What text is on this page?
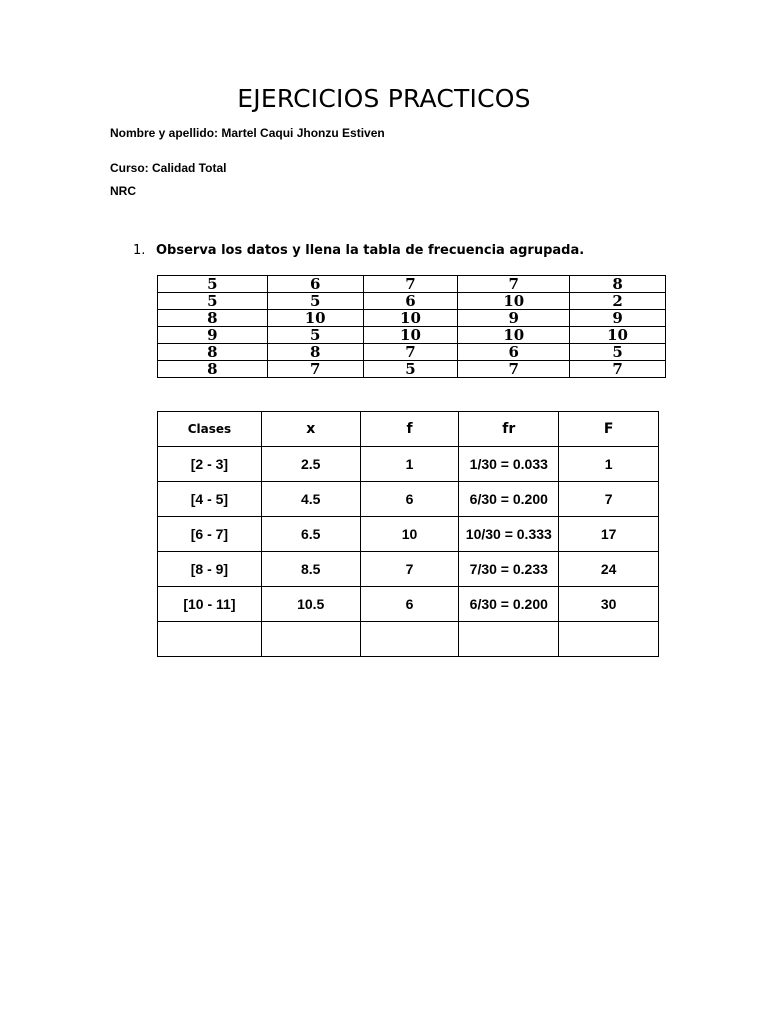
EJERCICIOS PRACTICOS
Nombre y apellido: Martel Caqui Jhonzu Estiven
Curso: Calidad Total
NRC
1. Observa los datos y llena la tabla de frecuencia agrupada.
5	6	7	7	8
5	5	6	10	2
8	10	10	9	9
9	5	10	10	10
8	8	7	6	5
8	7	5	7	7
Clases	x	f	fr	F
[2 - 3]	2.5	1	1/30 = 0.033	1
[4 - 5]	4.5	6	6/30 = 0.200	7
[6 - 7]	6.5	10	10/30 = 0.333	17
[8 - 9]	8.5	7	7/30 = 0.233	24
[10 - 11]	10.5	6	6/30 = 0.200	30
